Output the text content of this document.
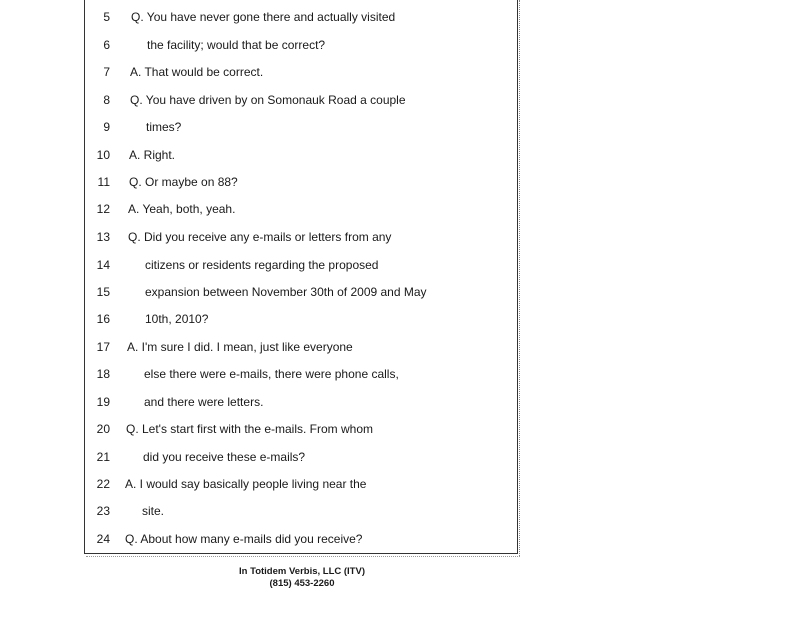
5 Q. You have never gone there and actually visited
6	the facility; would that be correct?
7 A. That would be correct.
8 Q. You have driven by on Somonauk Road a couple
9	times?
10 A. Right.
11 Q. Or maybe on 88?
12 A. Yeah, both, yeah.
13 Q. Did you receive any e-mails or letters from any
14	citizens or residents regarding the proposed
15	expansion between November 30th of 2009 and May
16	10th, 2010?
17 A. I'm sure I did. I mean, just like everyone
18	else there were e-mails, there were phone calls,
19	and there were letters.
20 Q. Let's start first with the e-mails. From whom
21	did you receive these e-mails?
22 A. I would say basically people living near the
23	site.
24 Q. About how many e-mails did you receive?
In Totidem Verbis, LLC (ITV)
(815) 453-2260
